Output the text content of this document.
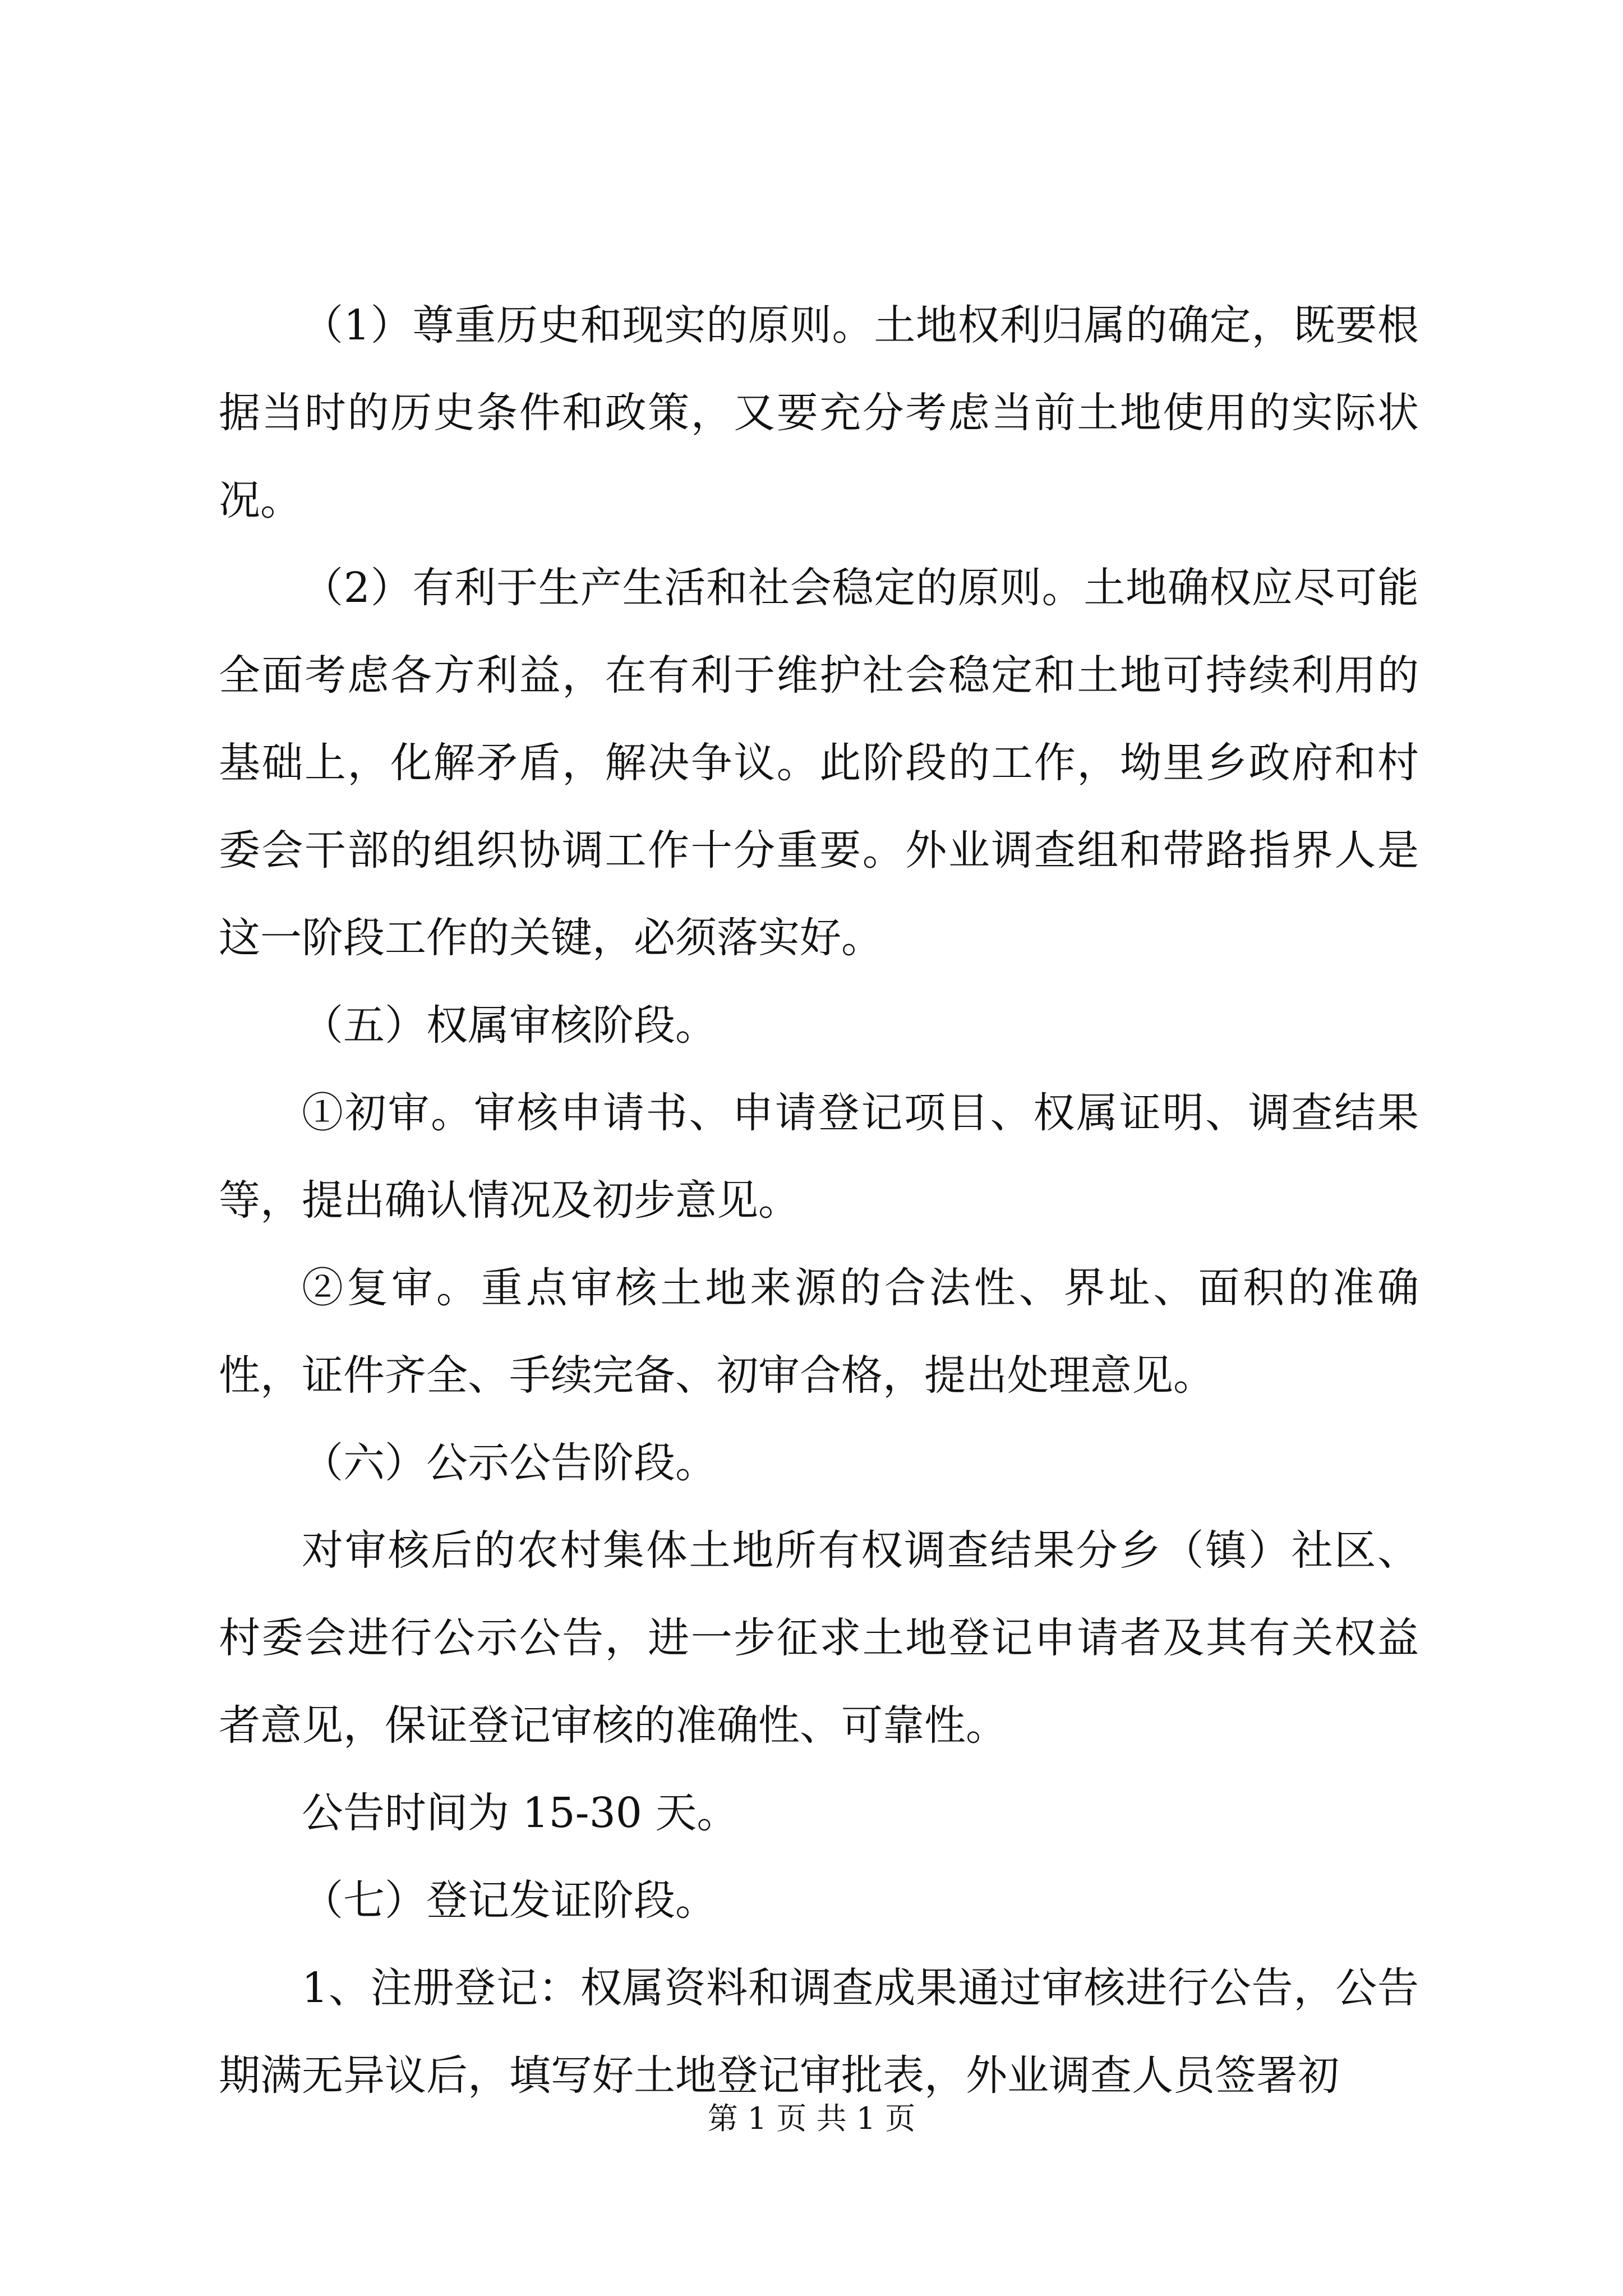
（1）尊重历史和现实的原则。土地权利归属的确定，既要根据当时的历史条件和政策，又要充分考虑当前土地使用的实际状况。

（2）有利于生产生活和社会稳定的原则。土地确权应尽可能全面考虑各方利益，在有利于维护社会稳定和土地可持续利用的基础上，化解矛盾，解决争议。此阶段的工作，坳里乡政府和村委会干部的组织协调工作十分重要。外业调查组和带路指界人是这一阶段工作的关键，必须落实好。

（五）权属审核阶段。

①初审。审核申请书、申请登记项目、权属证明、调查结果等，提出确认情况及初步意见。

②复审。重点审核土地来源的合法性、界址、面积的准确性，证件齐全、手续完备、初审合格，提出处理意见。

（六）公示公告阶段。

对审核后的农村集体土地所有权调查结果分乡（镇）社区、村委会进行公示公告，进一步征求土地登记申请者及其有关权益者意见，保证登记审核的准确性、可靠性。

公告时间为 15-30 天。

（七）登记发证阶段。

1、注册登记：权属资料和调查成果通过审核进行公告，公告期满无异议后，填写好土地登记审批表，外业调查人员签署初

第 1 页 共 1 页
